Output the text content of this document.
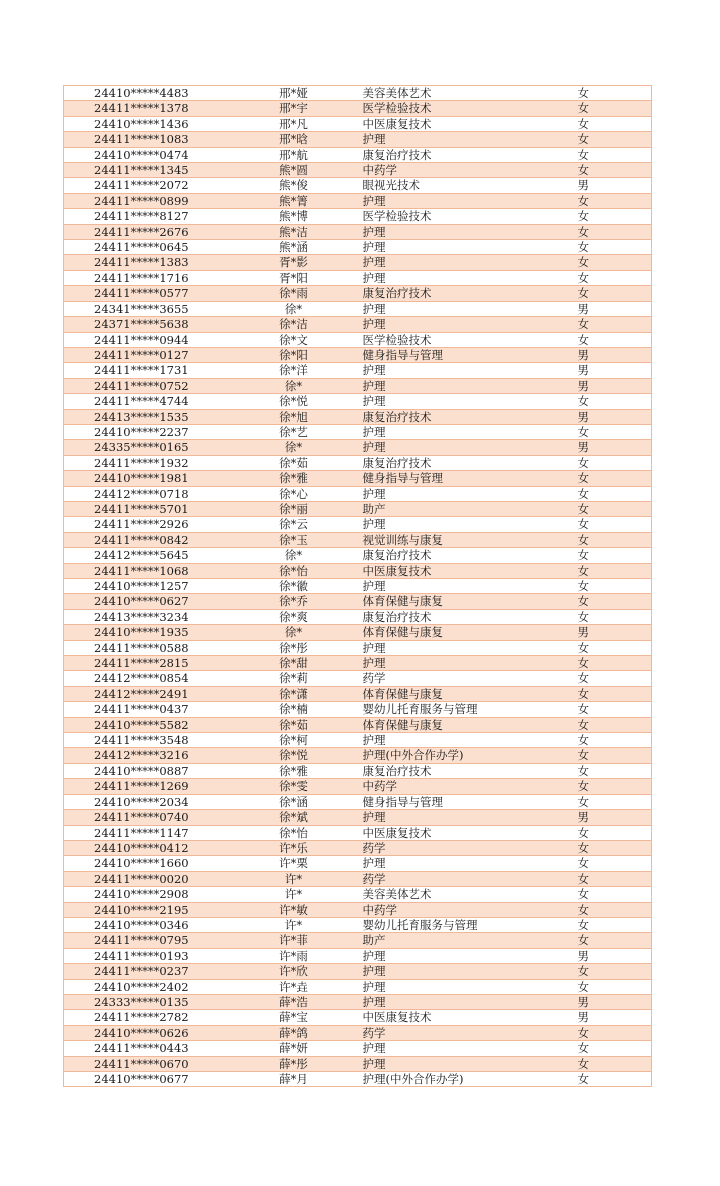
24410*****4483	邢*娅	美容美体艺术	女
24411*****1378	邢*宇	医学检验技术	女
24410*****1436	邢*凡	中医康复技术	女
24411*****1083	邢*晗	护理	女
24410*****0474	邢*航	康复治疗技术	女
24411*****1345	熊*圆	中药学	女
24411*****2072	熊*俊	眼视光技术	男
24411*****0899	熊*箐	护理	女
24411*****8127	熊*博	医学检验技术	女
24411*****2676	熊*洁	护理	女
24411*****0645	熊*涵	护理	女
24411*****1383	胥*影	护理	女
24411*****1716	胥*阳	护理	女
24411*****0577	徐*雨	康复治疗技术	女
24341*****3655	徐*	护理	男
24371*****5638	徐*洁	护理	女
24411*****0944	徐*文	医学检验技术	女
24411*****0127	徐*阳	健身指导与管理	男
24411*****1731	徐*洋	护理	男
24411*****0752	徐*	护理	男
24411*****4744	徐*悦	护理	女
24413*****1535	徐*旭	康复治疗技术	男
24410*****2237	徐*艺	护理	女
24335*****0165	徐*	护理	男
24411*****1932	徐*茹	康复治疗技术	女
24410*****1981	徐*雅	健身指导与管理	女
24412*****0718	徐*心	护理	女
24411*****5701	徐*丽	助产	女
24411*****2926	徐*云	护理	女
24411*****0842	徐*玉	视觉训练与康复	女
24412*****5645	徐*	康复治疗技术	女
24411*****1068	徐*怡	中医康复技术	女
24410*****1257	徐*徽	护理	女
24410*****0627	徐*乔	体育保健与康复	女
24413*****3234	徐*爽	康复治疗技术	女
24410*****1935	徐*	体育保健与康复	男
24411*****0588	徐*彤	护理	女
24411*****2815	徐*甜	护理	女
24412*****0854	徐*莉	药学	女
24412*****2491	徐*潇	体育保健与康复	女
24411*****0437	徐*楠	婴幼儿托育服务与管理	女
24410*****5582	徐*茹	体育保健与康复	女
24411*****3548	徐*柯	护理	女
24412*****3216	徐*悦	护理(中外合作办学)	女
24410*****0887	徐*雅	康复治疗技术	女
24411*****1269	徐*雯	中药学	女
24410*****2034	徐*涵	健身指导与管理	女
24411*****0740	徐*斌	护理	男
24411*****1147	徐*怡	中医康复技术	女
24410*****0412	许*乐	药学	女
24410*****1660	许*栗	护理	女
24411*****0020	许*	药学	女
24410*****2908	许*	美容美体艺术	女
24410*****2195	许*敏	中药学	女
24410*****0346	许*	婴幼儿托育服务与管理	女
24411*****0795	许*菲	助产	女
24411*****0193	许*雨	护理	男
24411*****0237	许*欣	护理	女
24410*****2402	许*垚	护理	女
24333*****0135	薛*浩	护理	男
24411*****2782	薛*宝	中医康复技术	男
24410*****0626	薛*鸽	药学	女
24411*****0443	薛*妍	护理	女
24411*****0670	薛*彤	护理	女
24410*****0677	薛*月	护理(中外合作办学)	女
